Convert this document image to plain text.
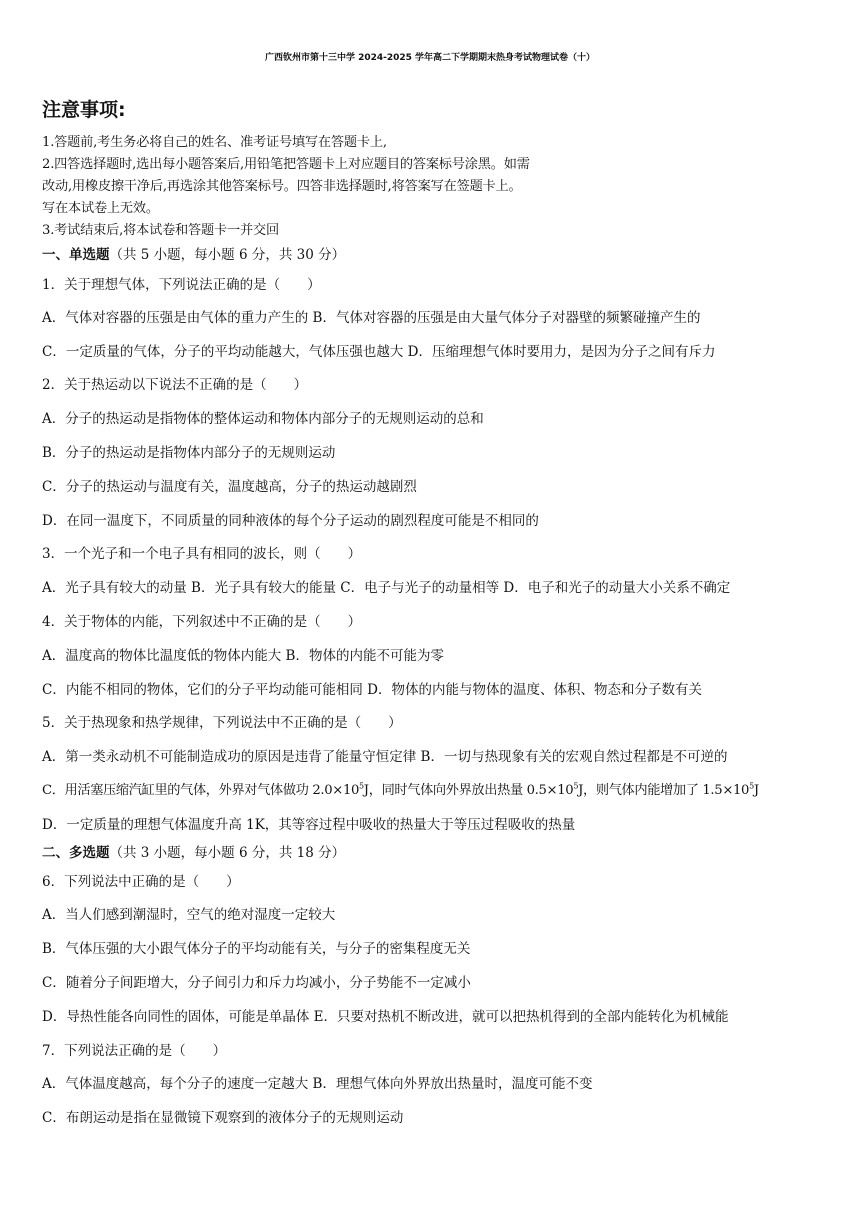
广西钦州市第十三中学 2024-2025 学年高二下学期期末热身考试物理试卷（十）
注意事项:
1.答题前,考生务必将自己的姓名、准考证号填写在答题卡上,
2.四答选择题时,选出每小题答案后,用铅笔把答题卡上对应题目的答案标号涂黑。如需
改动,用橡皮擦干净后,再选涂其他答案标号。四答非选择题时,将答案写在签题卡上。
写在本试卷上无效。
3.考试结束后,将本试卷和答题卡一并交回
一、单选题（共 5 小题，每小题 6 分，共 30 分）
1．关于理想气体，下列说法正确的是（　　）
A．气体对容器的压强是由气体的重力产生的 B．气体对容器的压强是由大量气体分子对器壁的频繁碰撞产生的
C．一定质量的气体，分子的平均动能越大，气体压强也越大 D．压缩理想气体时要用力，是因为分子之间有斥力
2．关于热运动以下说法不正确的是（　　）
A．分子的热运动是指物体的整体运动和物体内部分子的无规则运动的总和
B．分子的热运动是指物体内部分子的无规则运动
C．分子的热运动与温度有关，温度越高，分子的热运动越剧烈
D．在同一温度下，不同质量的同种液体的每个分子运动的剧烈程度可能是不相同的
3．一个光子和一个电子具有相同的波长，则（　　）
A．光子具有较大的动量 B．光子具有较大的能量 C．电子与光子的动量相等 D．电子和光子的动量大小关系不确定
4．关于物体的内能，下列叙述中不正确的是（　　）
A．温度高的物体比温度低的物体内能大 B．物体的内能不可能为零
C．内能不相同的物体，它们的分子平均动能可能相同 D．物体的内能与物体的温度、体积、物态和分子数有关
5．关于热现象和热学规律，下列说法中不正确的是（　　）
A．第一类永动机不可能制造成功的原因是违背了能量守恒定律 B．一切与热现象有关的宏观自然过程都是不可逆的
C．用活塞压缩汽缸里的气体，外界对气体做功 $2.0\times 10^5J$，同时气体向外界放出热量 $0.5\times 10^5J$，则气体内能增加了 $1.5\times 10^5J$
D．一定质量的理想气体温度升高 1K，其等容过程中吸收的热量大于等压过程吸收的热量
二、多选题（共 3 小题，每小题 6 分，共 18 分）
6．下列说法中正确的是（　　）
A．当人们感到潮湿时，空气的绝对湿度一定较大
B．气体压强的大小跟气体分子的平均动能有关，与分子的密集程度无关
C．随着分子间距增大，分子间引力和斥力均减小，分子势能不一定减小
D．导热性能各向同性的固体，可能是单晶体 E．只要对热机不断改进，就可以把热机得到的全部内能转化为机械能
7．下列说法正确的是（　　）
A．气体温度越高，每个分子的速度一定越大 B．理想气体向外界放出热量时，温度可能不变
C．布朗运动是指在显微镜下观察到的液体分子的无规则运动
